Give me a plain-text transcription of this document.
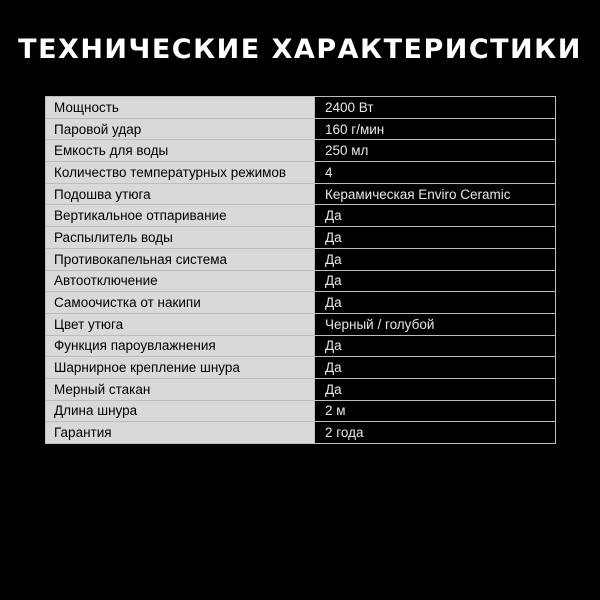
ТЕХНИЧЕСКИЕ ХАРАКТЕРИСТИКИ
Мощность	2400 Вт
Паровой удар	160 г/мин
Емкость для воды	250 мл
Количество температурных режимов	4
Подошва утюга	Керамическая Enviro Ceramic
Вертикальное отпаривание	Да
Распылитель воды	Да
Противокапельная система	Да
Автоотключение	Да
Самоочистка от накипи	Да
Цвет утюга	Черный / голубой
Функция пароувлажнения	Да
Шарнирное крепление шнура	Да
Мерный стакан	Да
Длина шнура	2 м
Гарантия	2 года
